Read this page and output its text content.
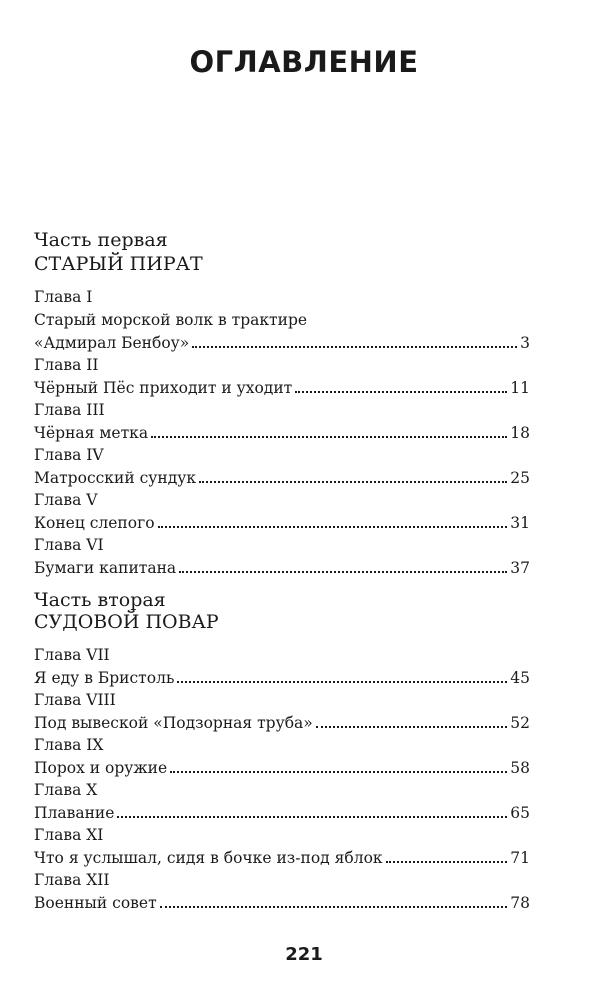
ОГЛАВЛЕНИЕ
Часть первая
СТАРЫЙ ПИРАТ
Глава I
Старый морской волк в трактире
«Адмирал Бенбоу»	3
Глава II
Чёрный Пёс приходит и уходит	11
Глава III
Чёрная метка	18
Глава IV
Матросский сундук	25
Глава V
Конец слепого	31
Глава VI
Бумаги капитана	37
Часть вторая
СУДОВОЙ ПОВАР
Глава VII
Я еду в Бристоль	45
Глава VIII
Под вывеской «Подзорная труба»	52
Глава IX
Порох и оружие	58
Глава X
Плавание	65
Глава XI
Что я услышал, сидя в бочке из-под яблок	71
Глава XII
Военный совет	78
221
